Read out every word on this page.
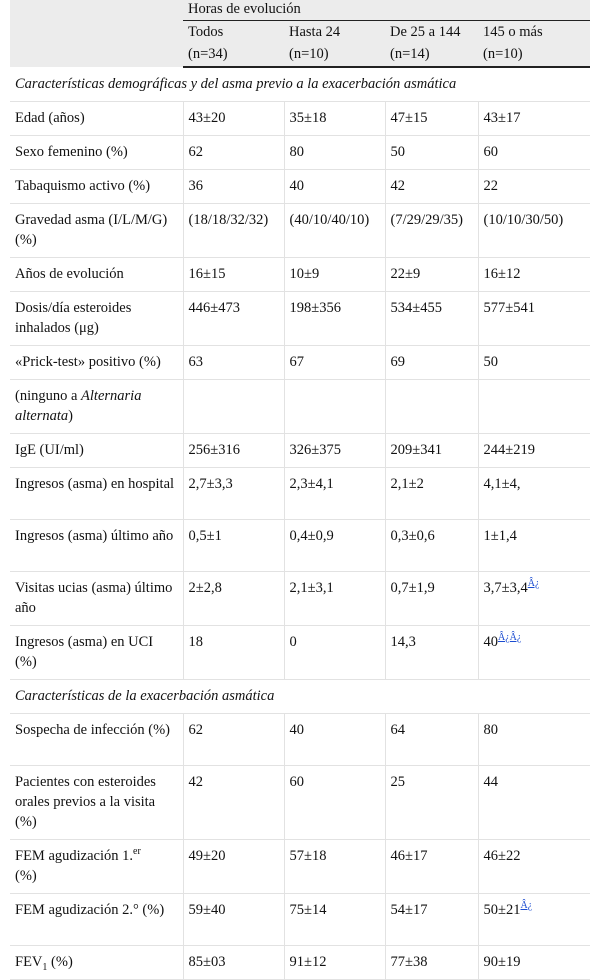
	Horas de evolución			
	Todos	Hasta 24	De 25 a 144	145 o más
	(n=34)	(n=10)	(n=14)	(n=10)
Características demográficas y del asma previo a la exacerbación asmática				
Edad (años)	43±20	35±18	47±15	43±17
Sexo femenino (%)	62	80	50	60
Tabaquismo activo (%)	36	40	42	22
Gravedad asma (I/L/M/G) (%)	(18/18/32/32)	(40/10/40/10)	(7/29/29/35)	(10/10/30/50)
Años de evolución	16±15	10±9	22±9	16±12
Dosis/día esteroides inhalados (μg)	446±473	198±356	534±455	577±541
«Prick-test» positivo (%)	63	67	69	50
(ninguno a Alternaria alternata)				
IgE (UI/ml)	256±316	326±375	209±341	244±219
Ingresos (asma) en hospital	2,7±3,3	2,3±4,1	2,1±2	4,1±4,
Ingresos (asma) último año	0,5±1	0,4±0,9	0,3±0,6	1±1,4
Visitas ucias (asma) último año	2±2,8	2,1±3,1	0,7±1,9	3,7±3,4$^{Â¿}$
Ingresos (asma) en UCI (%)	18	0	14,3	40$^{Â¿Â¿}$
Características de la exacerbación asmática				
Sospecha de infección (%)	62	40	64	80
Pacientes con esteroides orales previos a la visita (%)	42	60	25	44
FEM agudización 1.$^{er}$
(%)	49±20	57±18	46±17	46±22
FEM agudización 2.° (%)	59±40	75±14	54±17	50±21$^{Â¿}$
$FEV_1$ (%)	85±03	91±12	77±38	90±19
